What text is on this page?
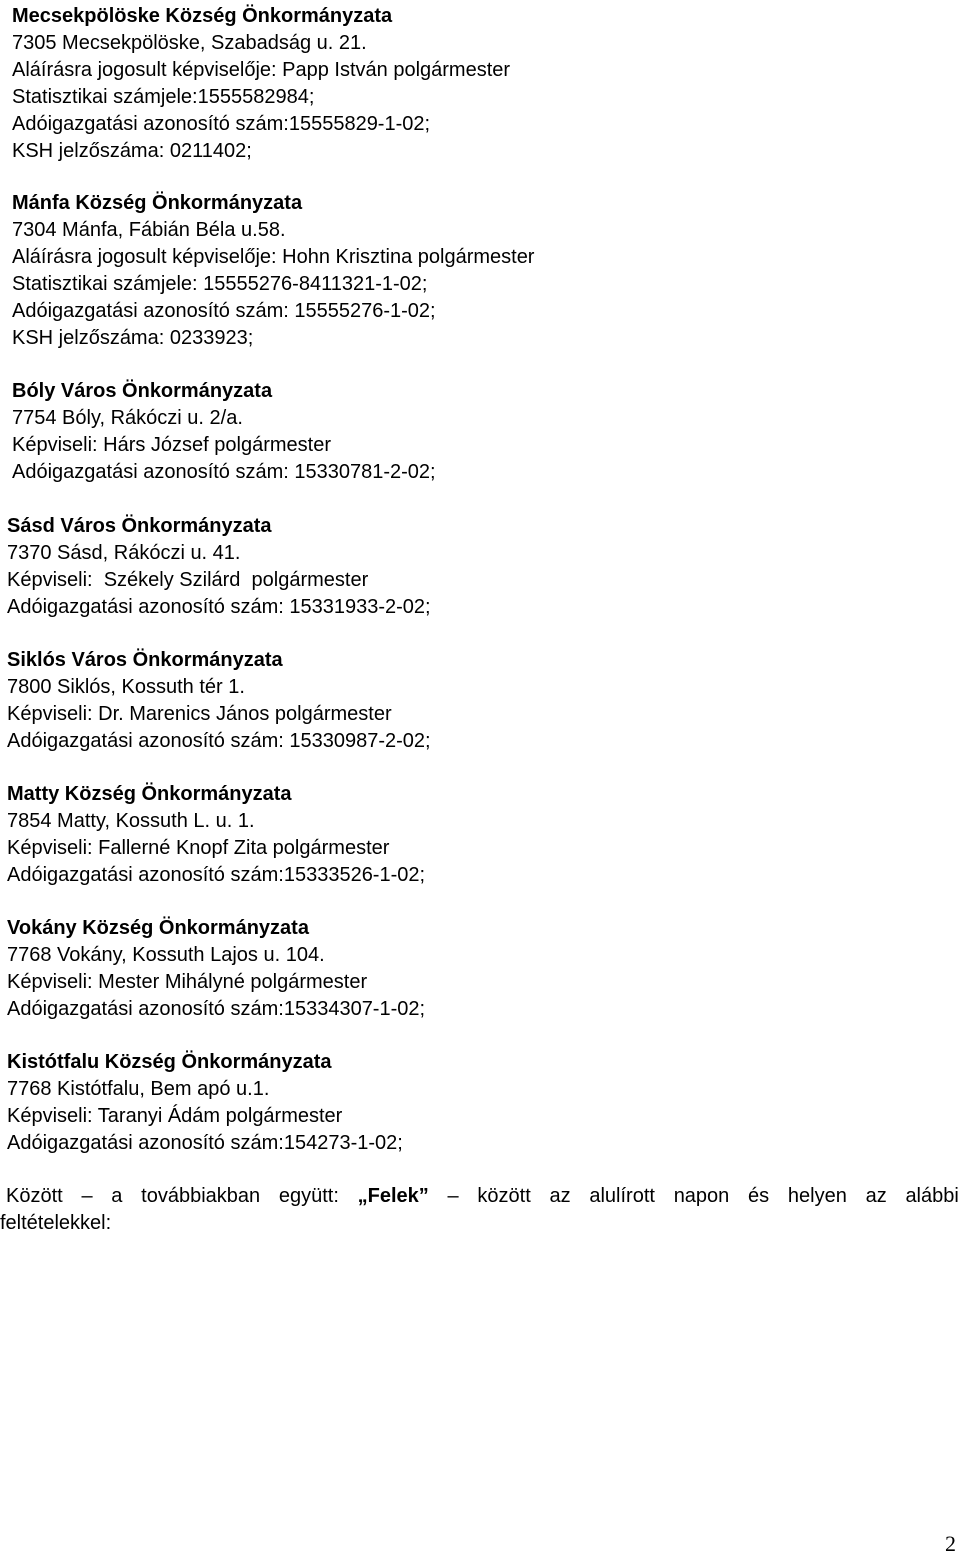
Mecsekpölöske Község Önkormányzata
7305 Mecsekpölöske, Szabadság u. 21.
Aláírásra jogosult képviselője: Papp István polgármester
Statisztikai számjele:1555582984;
Adóigazgatási azonosító szám:15555829-1-02;
KSH jelzőszáma: 0211402;
Mánfa Község Önkormányzata
7304 Mánfa, Fábián Béla u.58.
Aláírásra jogosult képviselője: Hohn Krisztina polgármester
Statisztikai számjele: 15555276-8411321-1-02;
Adóigazgatási azonosító szám: 15555276-1-02;
KSH jelzőszáma: 0233923;
Bóly Város Önkormányzata
7754 Bóly, Rákóczi u. 2/a.
Képviseli: Hárs József polgármester
Adóigazgatási azonosító szám: 15330781-2-02;
Sásd Város Önkormányzata
7370 Sásd, Rákóczi u. 41.
Képviseli:  Székely Szilárd  polgármester
Adóigazgatási azonosító szám: 15331933-2-02;
Siklós Város Önkormányzata
7800 Siklós, Kossuth tér 1.
Képviseli: Dr. Marenics János polgármester
Adóigazgatási azonosító szám: 15330987-2-02;
Matty Község Önkormányzata
7854 Matty, Kossuth L. u. 1.
Képviseli: Fallerné Knopf Zita polgármester
Adóigazgatási azonosító szám:15333526-1-02;
Vokány Község Önkormányzata
7768 Vokány, Kossuth Lajos u. 104.
Képviseli: Mester Mihályné polgármester
Adóigazgatási azonosító szám:15334307-1-02;
Kistótfalu Község Önkormányzata
7768 Kistótfalu, Bem apó u.1.
Képviseli: Taranyi Ádám polgármester
Adóigazgatási azonosító szám:154273-1-02;
Között – a továbbiakban együtt: „Felek” – között az alulírott napon és helyen az alábbi
feltételekkel:
2
